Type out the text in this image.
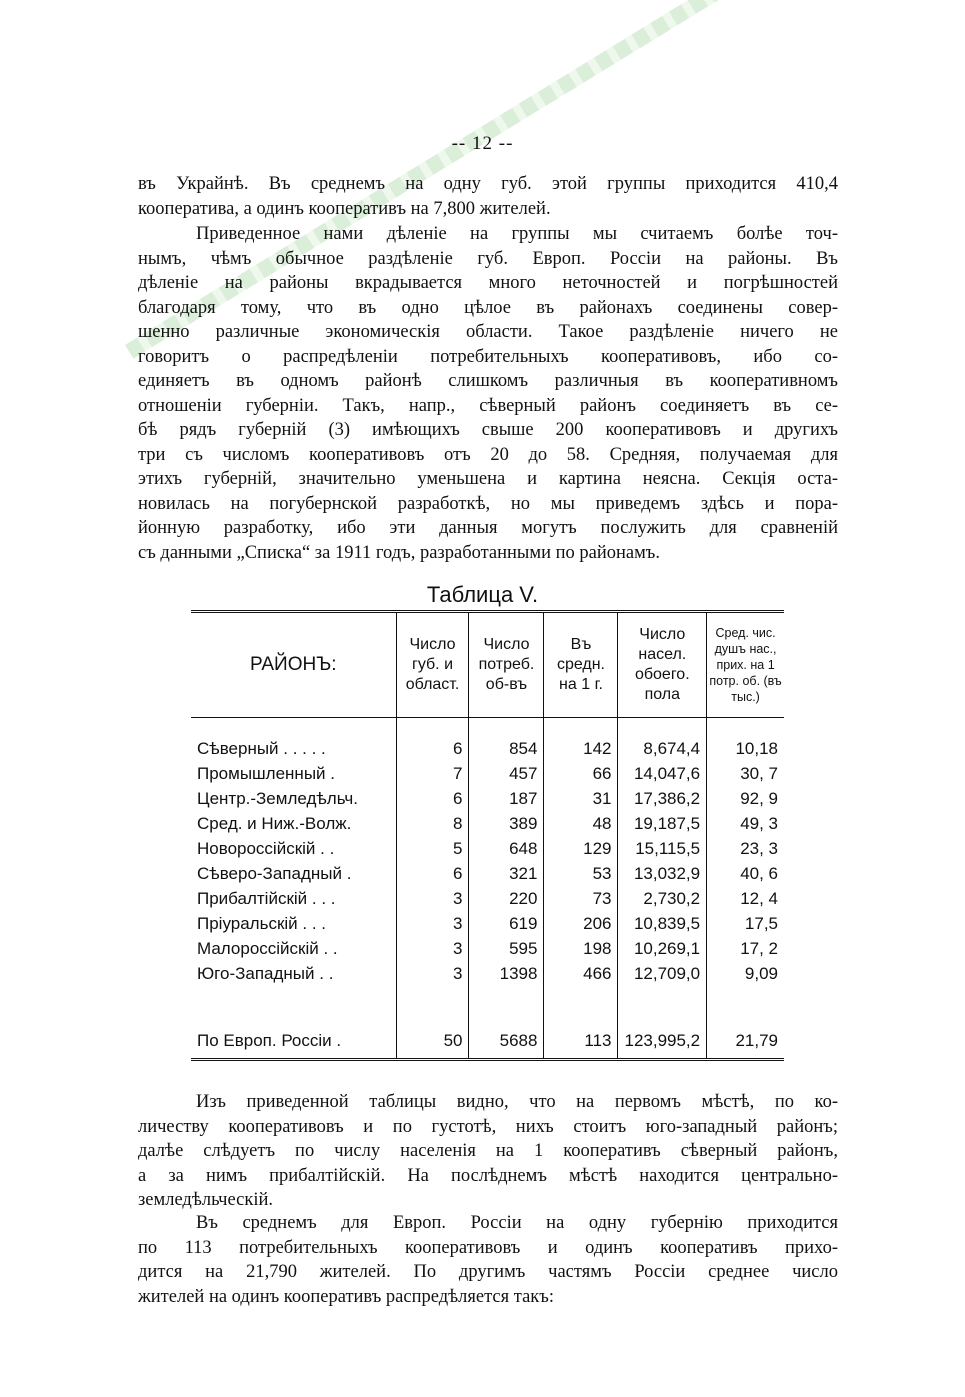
-- 12 --
въ Украйнѣ. Въ среднемъ на одну губ. этой группы приходится 410,4
кооператива, а одинъ кооперативъ на 7,800 жителей.
Приведенное нами дѣленіе на группы мы считаемъ болѣе точ-
нымъ, чѣмъ обычное раздѣленіе губ. Европ. Россіи на районы. Въ
дѣленіе на районы вкрадывается много неточностей и погрѣшностей
благодаря тому, что въ одно цѣлое въ районахъ соединены совер-
шенно различные экономическія области. Такое раздѣленіе ничего не
говоритъ о распредѣленіи потребительныхъ кооперативовъ, ибо со-
единяетъ въ одномъ районѣ слишкомъ различныя въ кооперативномъ
отношеніи губерніи. Такъ, напр., сѣверный районъ соединяетъ въ се-
бѣ рядъ губерній (3) имѣющихъ свыше 200 кооперативовъ и другихъ
три съ числомъ кооперативовъ отъ 20 до 58. Средняя, получаемая для
этихъ губерній, значительно уменьшена и картина неясна. Секція оста-
новилась на погубернской разработкѣ, но мы приведемъ здѣсь и пора-
йонную разработку, ибо эти данныя могутъ послужить для сравненій
съ данными „Списка“ за 1911 годъ, разработанными по районамъ.
Таблица V.
РАЙОНЪ:	Число губ. и област.	Число потреб. об-въ	Въ средн. на 1 г.	Число насел. обоего. пола	Сред. чис. душъ нас., прих. на 1 потр. об. (въ тыс.)

Сѣверный . . . . .	6	854	142	8,674,4	10,18
Промышленный .	7	457	66	14,047,6	30, 7
Центр.-Земледѣльч.	6	187	31	17,386,2	92, 9
Сред. и Ниж.-Волж.	8	389	48	19,187,5	49, 3
Новороссійскій . .	5	648	129	15,115,5	23, 3
Сѣверо-Западный .	6	321	53	13,032,9	40, 6
Прибалтійскій . . .	3	220	73	2,730,2	12, 4
Пріуральскій . . .	3	619	206	10,839,5	17,5
Малороссійскій . .	3	595	198	10,269,1	17, 2
Юго-Западный . .	3	1398	466	12,709,0	9,09

По Европ. Россіи .	50	5688	113	123,995,2	21,79
Изъ приведенной таблицы видно, что на первомъ мѣстѣ, по ко-
личеству кооперативовъ и по густотѣ, нихъ стоитъ юго-западный районъ;
далѣе слѣдуетъ по числу населенія на 1 кооперативъ сѣверный районъ,
а за нимъ прибалтійскій. На послѣднемъ мѣстѣ находится центрально-
земледѣльческій.
Въ среднемъ для Европ. Россіи на одну губернію приходится
по 113 потребительныхъ кооперативовъ и одинъ кооперативъ прихо-
дится на 21,790 жителей. По другимъ частямъ Россіи среднее число
жителей на одинъ кооперативъ распредѣляется такъ:
